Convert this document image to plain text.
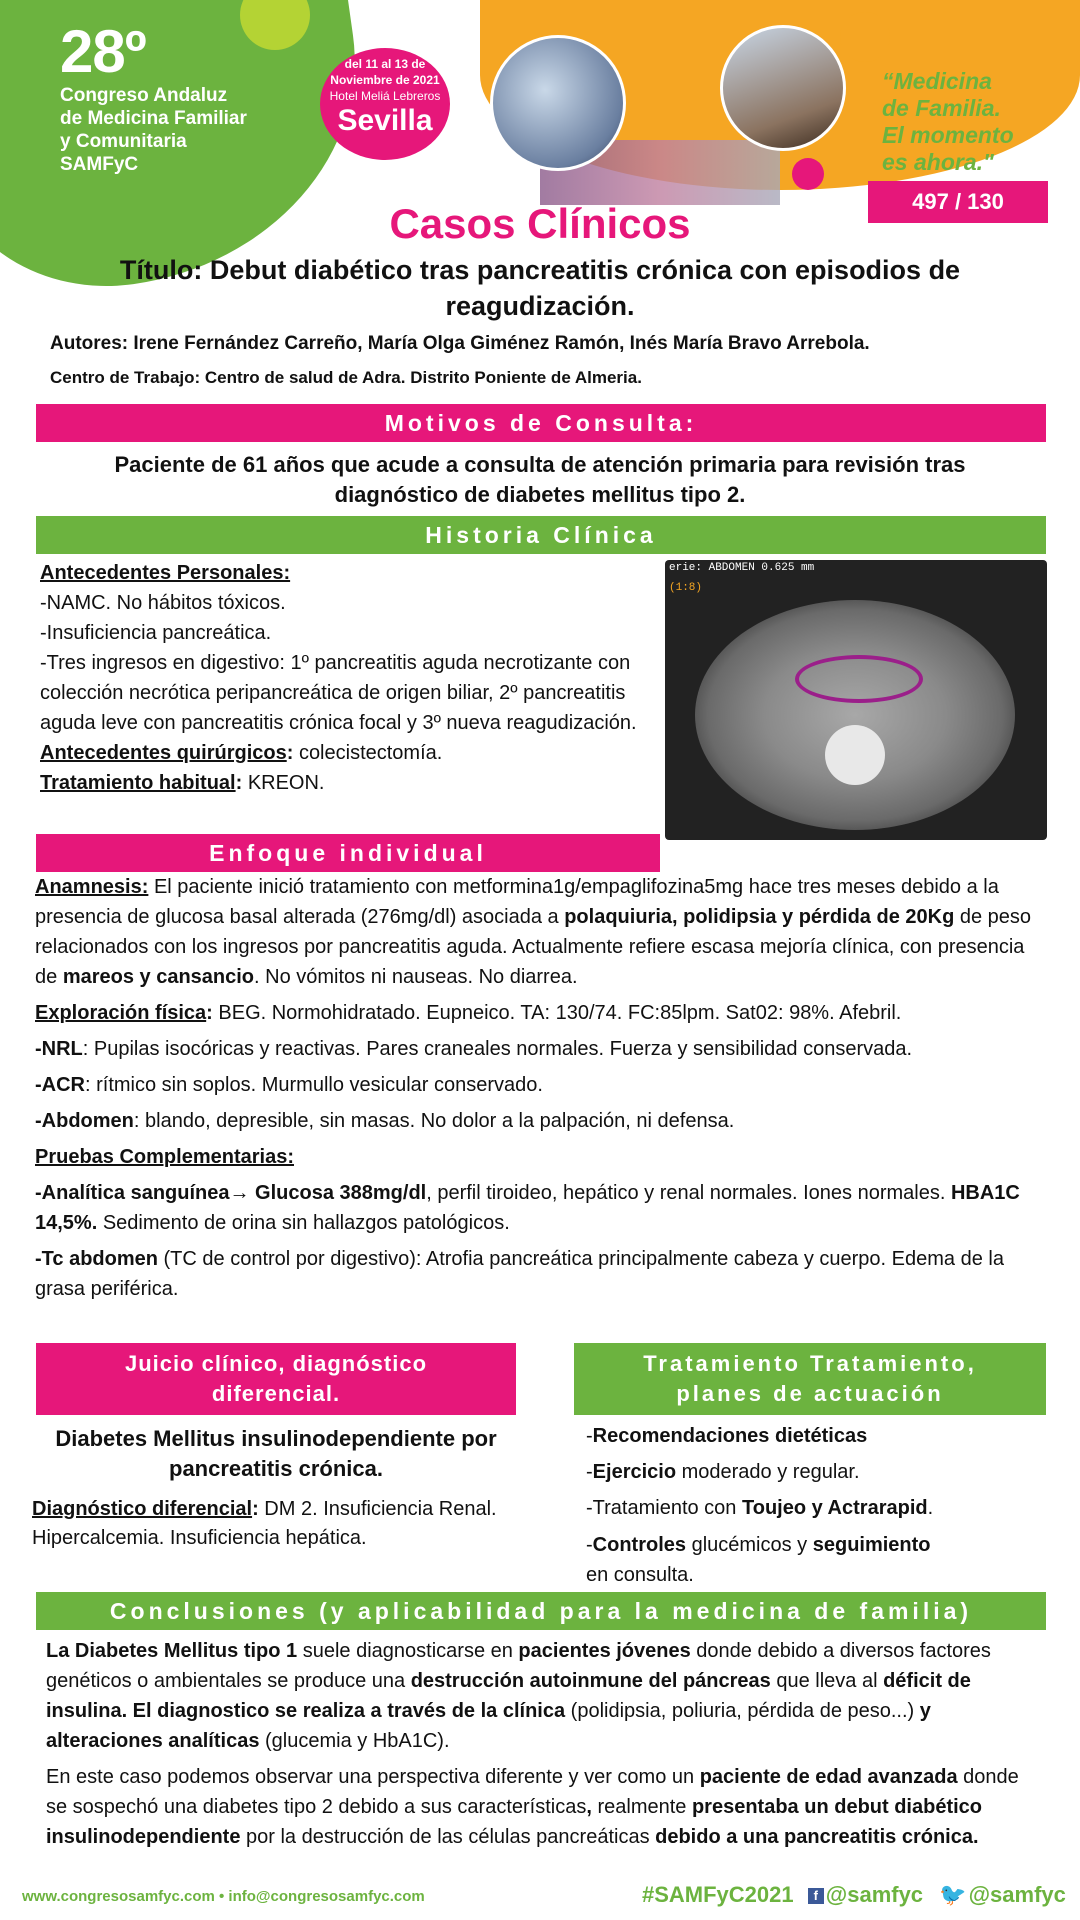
28º
Congreso Andaluz
de Medicina Familiar
y Comunitaria
SAMFyC
del 11 al 13 de
Noviembre de 2021
Hotel Meliá Lebreros
Sevilla
“Medicina
de Familia.
El momento
es ahora."
497 / 130
Casos Clínicos
Título: Debut diabético tras pancreatitis crónica con episodios de reagudización.
Autores: Irene Fernández Carreño, María Olga Giménez Ramón, Inés María Bravo Arrebola.
Centro de Trabajo: Centro de salud de Adra. Distrito Poniente de Almeria.
Motivos de Consulta:
Paciente de 61 años que acude a consulta de atención primaria para revisión tras diagnóstico de diabetes mellitus tipo 2.
Historia Clínica
Antecedentes Personales:
-NAMC. No hábitos tóxicos.
-Insuficiencia pancreática.
-Tres ingresos en digestivo: 1º pancreatitis aguda necrotizante con colección necrótica peripancreática de origen biliar, 2º pancreatitis aguda leve con pancreatitis crónica focal y 3º nueva reagudización.
Antecedentes quirúrgicos: colecistectomía.
Tratamiento habitual: KREON.
erie: ABDOMEN 0.625 mm
(1:8)
Enfoque individual

Anamnesis: El paciente inició tratamiento con metformina1g/empaglifozina5mg hace tres meses debido a la presencia de glucosa basal alterada (276mg/dl) asociada a polaquiuria, polidipsia y pérdida de 20Kg de peso relacionados con los ingresos por pancreatitis aguda. Actualmente refiere escasa mejoría clínica, con presencia de mareos y cansancio. No vómitos ni nauseas. No diarrea.

Exploración física: BEG. Normohidratado. Eupneico. TA: 130/74. FC:85lpm. Sat02: 98%. Afebril.

-NRL: Pupilas isocóricas y reactivas. Pares craneales normales. Fuerza y sensibilidad conservada.

-ACR: rítmico sin soplos. Murmullo vesicular conservado.

-Abdomen: blando, depresible, sin masas. No dolor a la palpación, ni defensa.

Pruebas Complementarias:

-Analítica sanguínea→ Glucosa 388mg/dl, perfil tiroideo, hepático y renal normales. Iones normales. HBA1C 14,5%. Sedimento de orina sin hallazgos patológicos.

-Tc abdomen (TC de control por digestivo): Atrofia pancreática principalmente cabeza y cuerpo. Edema de la grasa periférica.

Juicio clínico, diagnóstico
diferencial.
Diabetes Mellitus insulinodependiente por pancreatitis crónica.
Diagnóstico diferencial: DM 2. Insuficiencia Renal. Hipercalcemia. Insuficiencia hepática.
Tratamiento Tratamiento,
planes de actuación
-Recomendaciones dietéticas
-Ejercicio moderado y regular.
-Tratamiento con Toujeo y Actrarapid.
-Controles glucémicos y seguimiento
en consulta.
Conclusiones (y aplicabilidad para la medicina de familia)

La Diabetes Mellitus tipo 1 suele diagnosticarse en pacientes jóvenes donde debido a diversos factores genéticos o ambientales se produce una destrucción autoinmune del páncreas que lleva al déficit de insulina. El diagnostico se realiza a través de la clínica (polidipsia, poliuria, pérdida de peso...) y alteraciones analíticas (glucemia y HbA1C).

En este caso podemos observar una perspectiva diferente y ver como un paciente de edad avanzada donde se sospechó una diabetes tipo 2 debido a sus características, realmente presentaba un debut diabético insulinodependiente por la destrucción de las células pancreáticas debido a una pancreatitis crónica.

www.congresosamfyc.com • info@congresosamfyc.com	#SAMFyC2021 f @samfyc 🐦@samfyc
